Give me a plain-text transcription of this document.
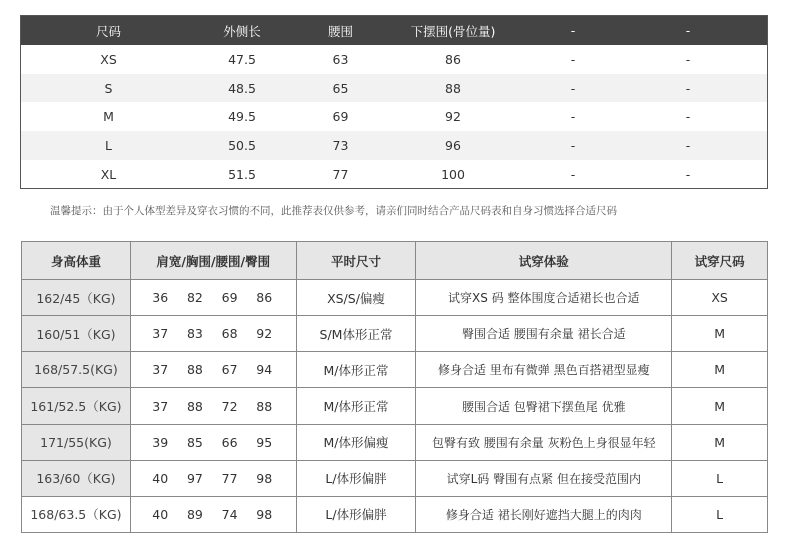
尺码	外侧长	腰围	下摆围(骨位量)	-	-
XS	47.5	63	86	-	-
S	48.5	65	88	-	-
M	49.5	69	92	-	-
L	50.5	73	96	-	-
XL	51.5	77	100	-	-
温馨提示：由于个人体型差异及穿衣习惯的不同，此推荐表仅供参考，请亲们同时结合产品尺码表和自身习惯选择合适尺码
身高体重	肩宽/胸围/腰围/臀围	平时尺寸	试穿体验	试穿尺码
162/45（KG)	36 82 69 86	XS/S/偏瘦	试穿XS 码 整体围度合适裙长也合适	XS
160/51（KG)	37 83 68 92	S/M体形正常	臀围合适 腰围有余量 裙长合适	M
168/57.5(KG)	37 88 67 94	M/体形正常	修身合适 里布有微弹 黑色百搭裙型显瘦	M
161/52.5（KG)	37 88 72 88	M/体形正常	腰围合适 包臀裙下摆鱼尾 优雅	M
171/55(KG)	39 85 66 95	M/体形偏瘦	包臀有致 腰围有余量 灰粉色上身很显年轻	M
163/60（KG)	40 97 77 98	L/体形偏胖	试穿L码 臀围有点紧 但在接受范围内	L
168/63.5（KG)	40 89 74 98	L/体形偏胖	修身合适 裙长刚好遮挡大腿上的肉肉	L
